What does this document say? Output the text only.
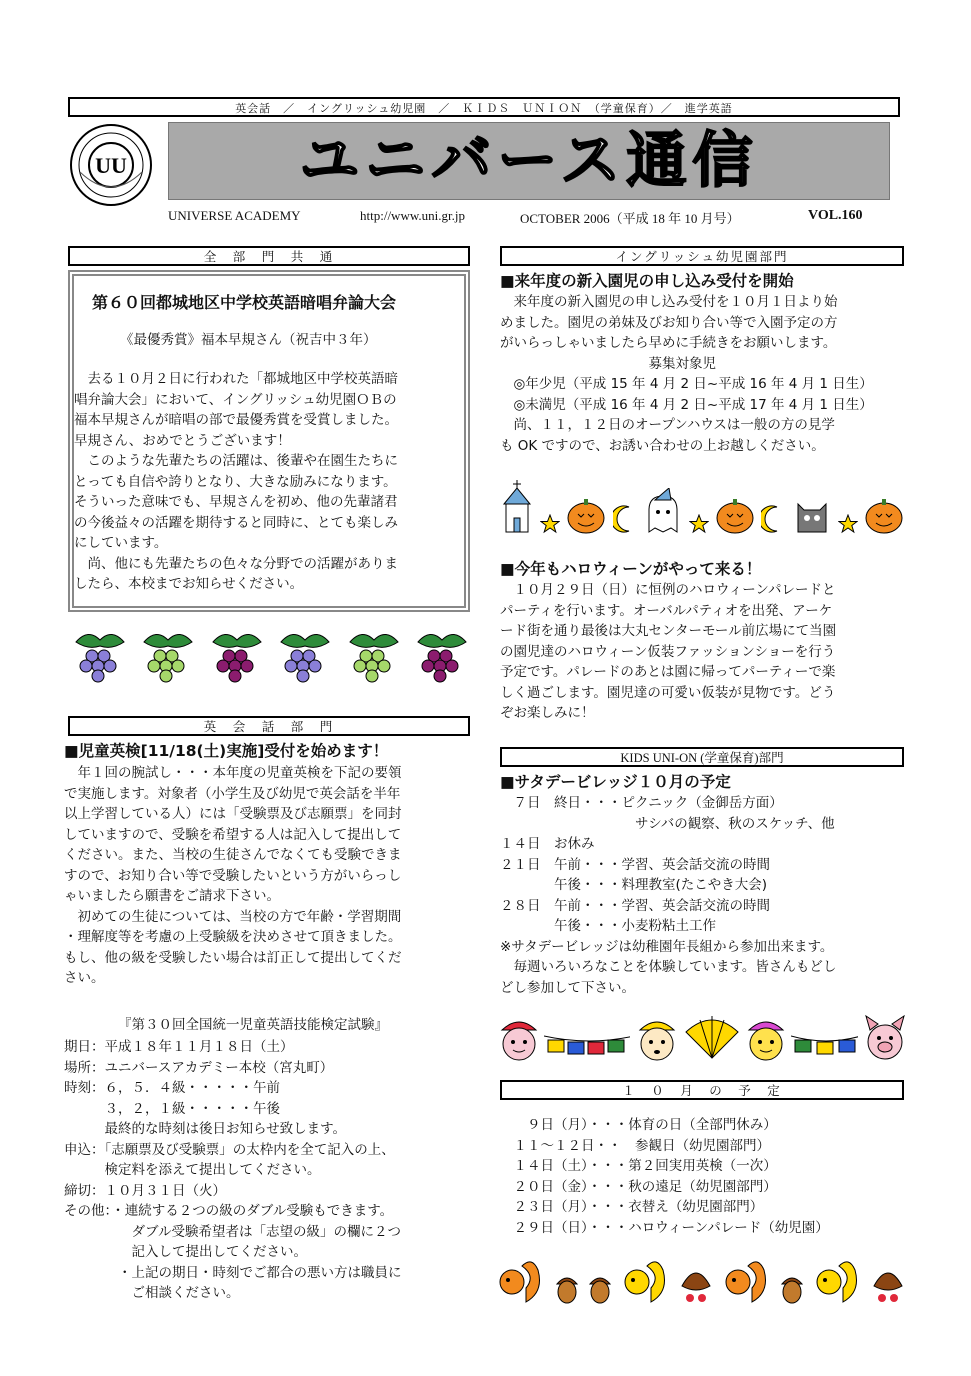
英会話　／　イングリッシュ幼児園　／　ＫＩＤＳ　ＵＮＩＯＮ　（学童保育）／　進学英語
UU	ユニバース通信
UNIVERSE ACADEMY	http://www.uni.gr.jp	OCTOBER 2006（平成 18 年 10 月号）	VOL.160
全　部　門　共　通
第６０回都城地区中学校英語暗唱弁論大会
《最優秀賞》福本早規さん（祝吉中３年）

　去る１０月２日に行われた「都城地区中学校英語暗

唱弁論大会」において、イングリッシュ幼児園ＯＢの

福本早規さんが暗唱の部で最優秀賞を受賞しました。

早規さん、おめでとうございます！

　このような先輩たちの活躍は、後輩や在園生たちに

とっても自信や誇りとなり、大きな励みになります。

そういった意味でも、早規さんを初め、他の先輩諸君

の今後益々の活躍を期待すると同時に、とても楽しみ

にしています。

　尚、他にも先輩たちの色々な分野での活躍がありま

したら、本校までお知らせください。

英　会　話　部　門
■児童英検[11/18(土)実施]受付を始めます！

　年１回の腕試し・・・本年度の児童英検を下記の要領

で実施します。対象者（小学生及び幼児で英会話を半年

以上学習している人）には「受験票及び志願票」を同封

していますので、受験を希望する人は記入して提出して

ください。また、当校の生徒さんでなくても受験できま

すので、お知り合い等で受験したいという方がいらっし

ゃいましたら願書をご請求下さい。

　初めての生徒については、当校の方で年齢・学習期間

・理解度等を考慮の上受験級を決めさせて頂きました。

もし、他の級を受験したい場合は訂正して提出してくだ

さい。

『第３０回全国統一児童英語技能検定試験』

期日：平成１８年１１月１８日（土）

場所：ユニバースアカデミー本校（宮丸町）

時刻：６，５．４級・・・・・午前

　　　３，２，１級・・・・・午後

　　　最終的な時刻は後日お知らせ致します。

申込：「志願票及び受験票」の太枠内を全て記入の上、

　　　検定料を添えて提出してください。

締切：１０月３１日（火）

その他：・連続する２つの級のダブル受験もできます。

　　　　　ダブル受験希望者は「志望の級」の欄に２つ

　　　　　記入して提出してください。

　　　　・上記の期日・時刻でご都合の悪い方は職員に

　　　　　ご相談ください。

イングリッシュ幼児園部門
■来年度の新入園児の申し込み受付を開始

　来年度の新入園児の申し込み受付を１０月１日より始

めました。園児の弟妹及びお知り合い等で入園予定の方

がいらっしゃいましたら早めに手続きをお願いします。

　　　　　　　　　　　募集対象児

　◎年少児（平成 15 年 4 月 2 日~平成 16 年 4 月 1 日生）

　◎未満児（平成 16 年 4 月 2 日~平成 17 年 4 月 1 日生）

　尚、１１，１２日のオープンハウスは一般の方の見学

も OK ですので、お誘い合わせの上お越しください。

■今年もハロウィーンがやって来る！

　１０月２９日（日）に恒例のハロウィーンパレードと

パーティを行います。オーバルパティオを出発、アーケ

ード街を通り最後は大丸センターモール前広場にて当園

の園児達のハロウィーン仮装ファッションショーを行う

予定です。パレードのあとは園に帰ってパーティーで楽

しく過ごします。園児達の可愛い仮装が見物です。どう

ぞお楽しみに！

KIDS UNI-ON (学童保育)部門
■サタデービレッジ１０月の予定

　７日　終日・・・ピクニック（金御岳方面）

　　　　　　　　　　サシバの観察、秋のスケッチ、他

１４日　お休み

２１日　午前・・・学習、英会話交流の時間

　　　　午後・・・料理教室(たこやき大会)

２８日　午前・・・学習、英会話交流の時間

　　　　午後・・・小麦粉粘土工作

※サタデービレッジは幼稚園年長組から参加出来ます。

　毎週いろいろなことを体験しています。皆さんもどし

どし参加して下さい。

１　０　月　の　予　定

　　９日（月）・・・体育の日（全部門休み）

　１１～１２日・・　参観日（幼児園部門）

　１４日（土）・・・第２回実用英検（一次）

　２０日（金）・・・秋の遠足（幼児園部門）

　２３日（月）・・・衣替え（幼児園部門）

　２９日（日）・・・ハロウィーンパレード（幼児園）
